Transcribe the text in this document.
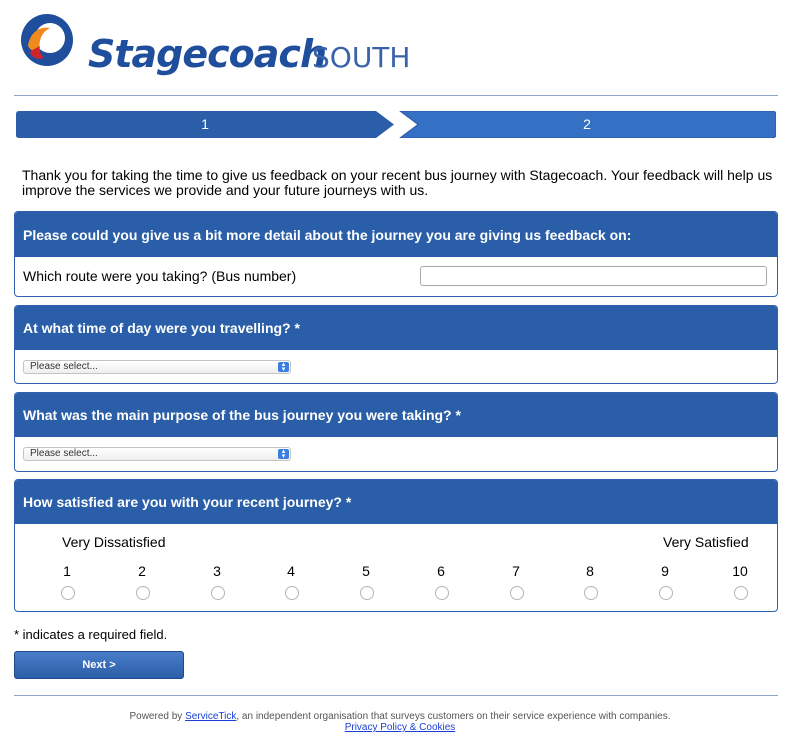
Stagecoach
SOUTH
1	2
Thank you for taking the time to give us feedback on your recent bus journey with Stagecoach. Your feedback will help us improve the services we provide and your future journeys with us.
Please could you give us a bit more detail about the journey you are giving us feedback on:
Which route were you taking? (Bus number)
At what time of day were you travelling? *
Please select...	▴
▾
What was the main purpose of the bus journey you were taking? *
Please select...	▴
▾
How satisfied are you with your recent journey? *
Very Dissatisfied	Very Satisfied
1	2	3	4	5	6	7	8	9	10
* indicates a required field.
Next >
Powered by ServiceTick, an independent organisation that surveys customers on their service experience with companies.
Privacy Policy & Cookies
